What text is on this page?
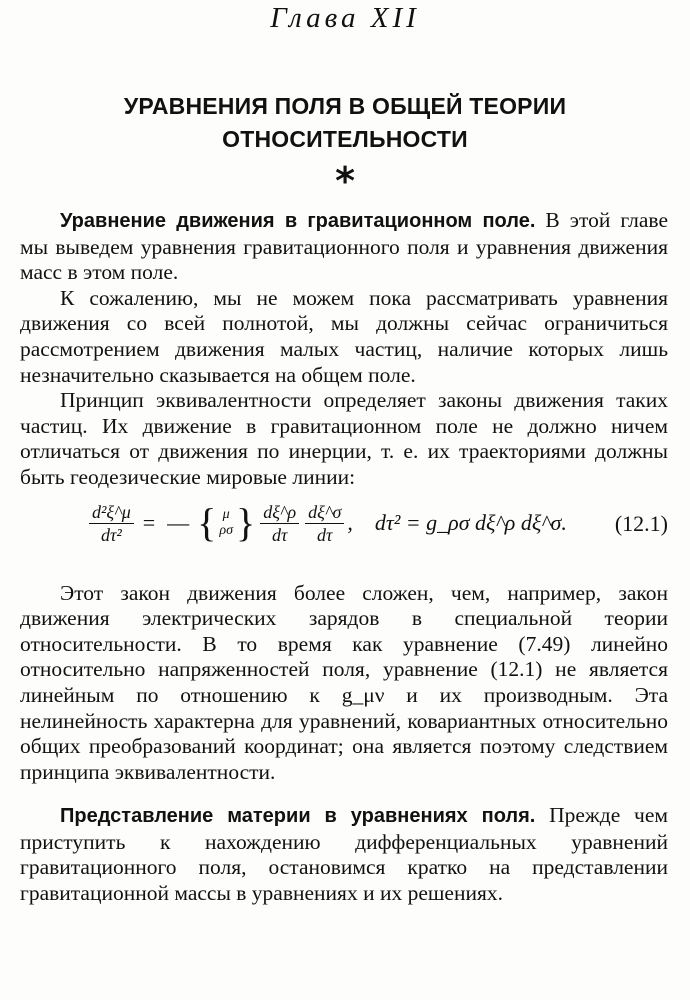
Глава XII
УРАВНЕНИЯ ПОЛЯ В ОБЩЕЙ ТЕОРИИ
ОТНОСИТЕЛЬНОСТИ
*

Уравнение движения в гравитационном поле. В этой главе мы выведем уравнения гравитационного поля и уравнения движения масс в этом поле.

К сожалению, мы не можем пока рассматривать уравнения движения со всей полнотой, мы должны сейчас ограничиться рассмотрением движения малых частиц, наличие которых лишь незначительно сказывается на общем поле.

Принцип эквивалентности определяет законы движения таких частиц. Их движение в гравитационном поле не должно ничем отличаться от движения по инерции, т. е. их траекториями должны быть геодезические мировые линии:

$\frac{\text{d²ξ\textasciicircum{}μ}}{\text{dτ²}}$ = — { μ
ρσ } $\frac{d\xi\^{}\rho}{d\tau} \frac{d\xi\^{}\sigma}{d\tau}$ , dτ² = g_ρσ dξ^ρ dξ^σ. (12.1)

Этот закон движения более сложен, чем, например, закон движения электрических зарядов в специальной теории относительности. В то время как уравнение (7.49) линейно относительно напряженностей поля, уравнение (12.1) не является линейным по отношению к g_μν и их производным. Эта нелинейность характерна для уравнений, ковариантных относительно общих преобразований координат; она является поэтому следствием принципа эквивалентности.

Представление материи в уравнениях поля. Прежде чем приступить к нахождению дифференциальных уравнений гравитационного поля, остановимся кратко на представлении гравитационной массы в уравнениях и их решениях.
